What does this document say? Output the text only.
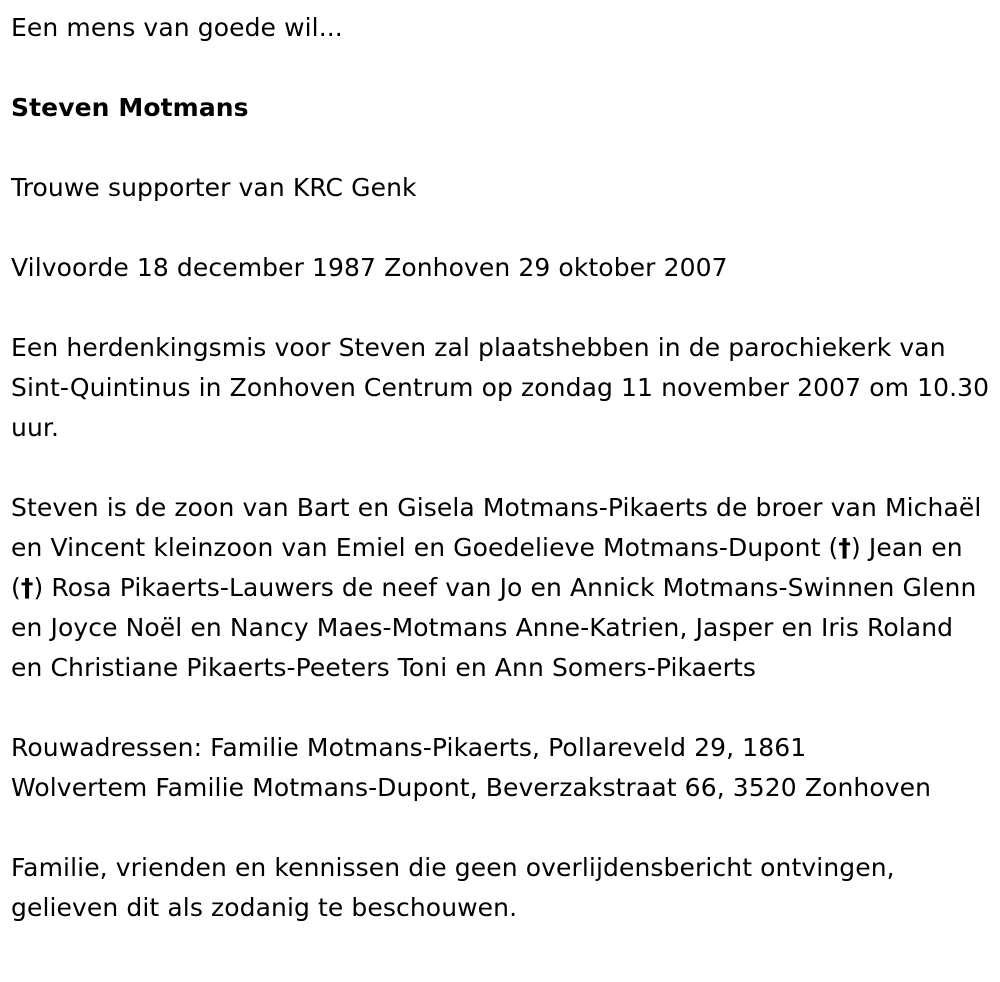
Een mens van goede wil...

Steven Motmans

Trouwe supporter van KRC Genk

Vilvoorde 18 december 1987 Zonhoven 29 oktober 2007

Een herdenkingsmis voor Steven zal plaatshebben in de parochiekerk van Sint-Quintinus in Zonhoven Centrum op zondag 11 november 2007 om 10.30 uur.

Steven is de zoon van Bart en Gisela Motmans-Pikaerts de broer van Michaël en Vincent kleinzoon van Emiel en Goedelieve Motmans-Dupont (†) Jean en (†) Rosa Pikaerts-Lauwers de neef van Jo en Annick Motmans-Swinnen Glenn en Joyce Noël en Nancy Maes-Motmans Anne-Katrien, Jasper en Iris Roland en Christiane Pikaerts-Peeters Toni en Ann Somers-Pikaerts

Rouwadressen: Familie Motmans-Pikaerts, Pollareveld 29, 1861
Wolvertem Familie Motmans-Dupont, Beverzakstraat 66, 3520 Zonhoven

Familie, vrienden en kennissen die geen overlijdensbericht ontvingen, gelieven dit als zodanig te beschouwen.
